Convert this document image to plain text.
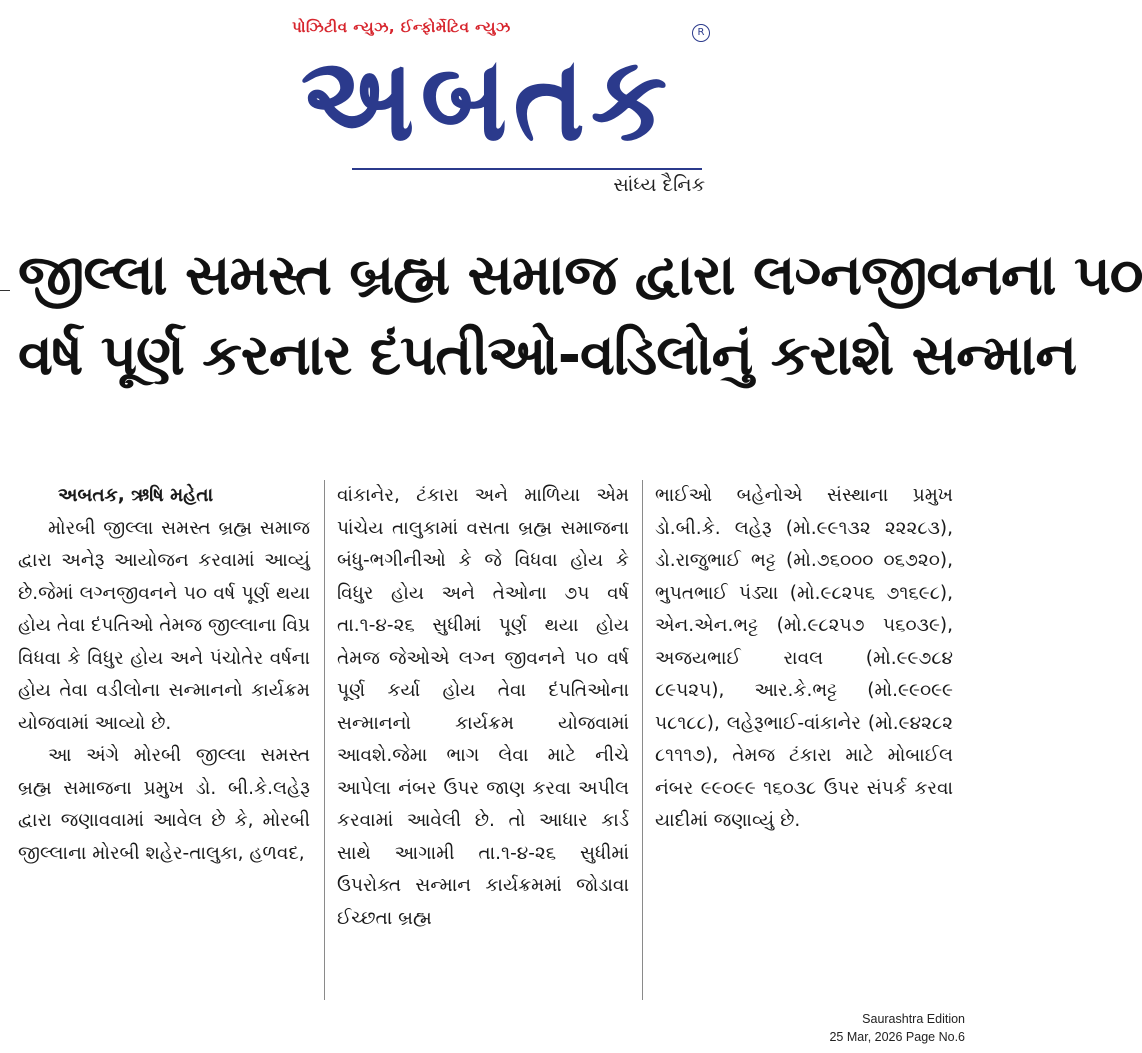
પોઝિટીવ ન્યુઝ, ઈન્ફોર્મેટિવ ન્યુઝ	R
અબતક
સાંધ્ય દૈનિક
જીલ્લા સમસ્ત બ્રહ્મ સમાજ દ્વારા લગ્નજીવનના ૫૦
વર્ષ પૂર્ણ કરનાર દંપતીઓ-વડિલોનું કરાશે સન્માન

અબતક, ઋષિ મહેતા

મોરબી જીલ્લા સમસ્ત બ્રહ્મ સમાજ દ્વારા અનેરૂ આયોજન કરવામાં આવ્યું છે.જેમાં લગ્નજીવનને ૫૦ વર્ષ પૂર્ણ થયા હોય તેવા દંપતિઓ તેમજ જીલ્લાના વિપ્ર વિધવા કે વિધુર હોય અને પંચોતેર વર્ષના હોય તેવા વડીલોના સન્માનનો કાર્યક્રમ યોજવામાં આવ્યો છે.

આ અંગે મોરબી જીલ્લા સમસ્ત બ્રહ્મ સમાજના પ્રમુખ ડો. બી.કે.લહેરૂ દ્વારા જણાવવામાં આવેલ છે કે, મોરબી જીલ્લાના મોરબી શહેર-તાલુકા, હળવદ,

વાંકાનેર, ટંકારા અને માળિયા એમ પાંચેય તાલુકામાં વસતા બ્રહ્મ સમાજના બંધુ-ભગીનીઓ કે જે વિધવા હોય કે વિધુર હોય અને તેઓના ૭૫ વર્ષ તા.૧-૪-૨૬ સુધીમાં પૂર્ણ થયા હોય તેમજ જેઓએ લગ્ન જીવનને ૫૦ વર્ષ પૂર્ણ કર્યા હોય તેવા દંપતિઓના સન્માનનો કાર્યક્રમ યોજવામાં આવશે.જેમા ભાગ લેવા માટે નીચે આપેલા નંબર ઉપર જાણ કરવા અપીલ કરવામાં આવેલી છે. તો આધાર કાર્ડ સાથે આગામી તા.૧-૪-૨૬ સુધીમાં ઉપરોક્ત સન્માન કાર્યક્રમમાં જોડાવા ઈચ્છતા બ્રહ્મ

ભાઈઓ બહેનોએ સંસ્થાના પ્રમુખ ડો.બી.કે. લહેરૂ (મો.૯૯૧૩૨ ૨૨૨૮૩), ડો.રાજુભાઈ ભટ્ટ (મો.૭૬૦૦૦ ૦૬૭૨૦), ભુપતભાઈ પંડ્યા (મો.૯૮૨૫૬ ૭૧૬૯૮), એન.એન.ભટ્ટ (મો.૯૮૨૫૭ ૫૬૦૩૯), અજયભાઈ રાવલ (મો.૯૯૭૮૪ ૮૯૫૨૫), આર.કે.ભટ્ટ (મો.૯૯૦૯૯ ૫૮૧૮૮), લહેરૂભાઈ-વાંકાનેર (મો.૯૪૨૮૨ ૮૧૧૧૭), તેમજ ટંકારા માટે મોબાઈલ નંબર ૯૯૦૯૯ ૧૬૦૩૮ ઉપર સંપર્ક કરવા યાદીમાં જણાવ્યું છે.

Saurashtra Edition
25 Mar, 2026 Page No.6
